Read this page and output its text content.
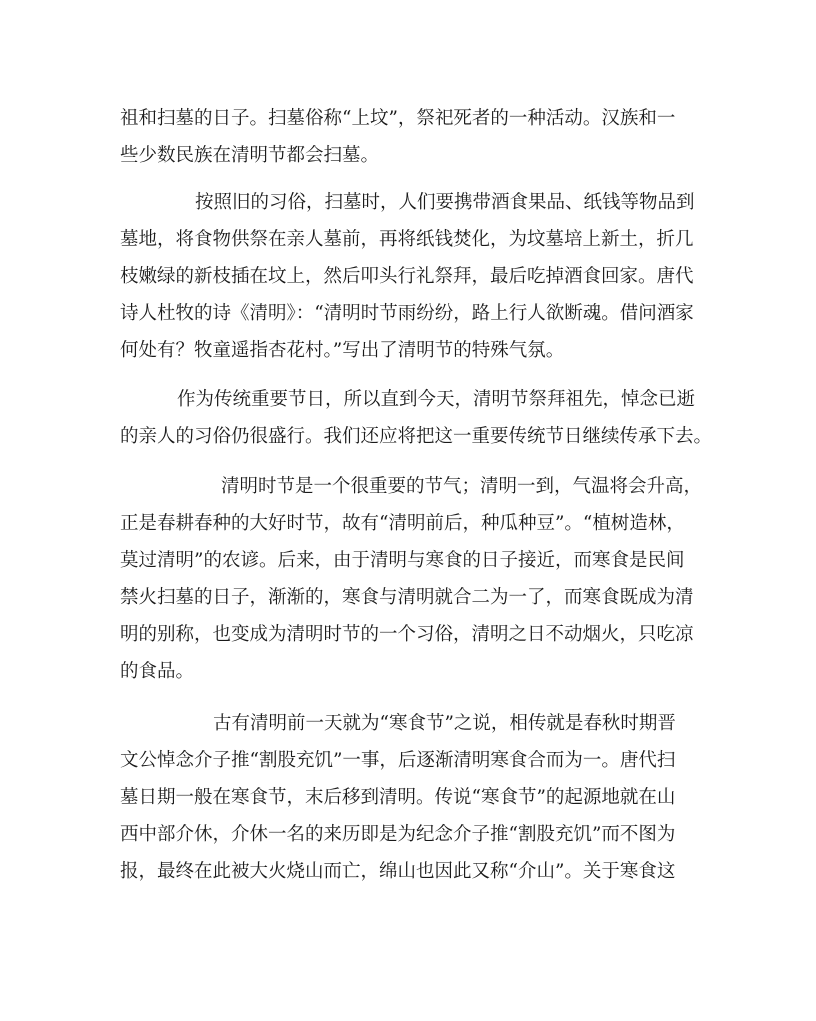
祖和扫墓的日子。扫墓俗称“上坟”，祭祀死者的一种活动。汉族和一
些少数民族在清明节都会扫墓。
按照旧的习俗，扫墓时，人们要携带酒食果品、纸钱等物品到
墓地，将食物供祭在亲人墓前，再将纸钱焚化，为坟墓培上新土，折几
枝嫩绿的新枝插在坟上，然后叩头行礼祭拜，最后吃掉酒食回家。唐代
诗人杜牧的诗《清明》：“清明时节雨纷纷，路上行人欲断魂。借问酒家
何处有？牧童遥指杏花村。”写出了清明节的特殊气氛。
作为传统重要节日，所以直到今天，清明节祭拜祖先，悼念已逝
的亲人的习俗仍很盛行。我们还应将把这一重要传统节日继续传承下去。
清明时节是一个很重要的节气；清明一到，气温将会升高，
正是春耕春种的大好时节，故有“清明前后，种瓜种豆”。“植树造林，
莫过清明”的农谚。后来，由于清明与寒食的日子接近，而寒食是民间
禁火扫墓的日子，渐渐的，寒食与清明就合二为一了，而寒食既成为清
明的别称，也变成为清明时节的一个习俗，清明之日不动烟火，只吃凉
的食品。
古有清明前一天就为“寒食节”之说，相传就是春秋时期晋
文公悼念介子推“割股充饥”一事，后逐渐清明寒食合而为一。唐代扫
墓日期一般在寒食节，末后移到清明。传说“寒食节”的起源地就在山
西中部介休，介休一名的来历即是为纪念介子推“割股充饥”而不图为
报，最终在此被大火烧山而亡，绵山也因此又称“介山”。关于寒食这
